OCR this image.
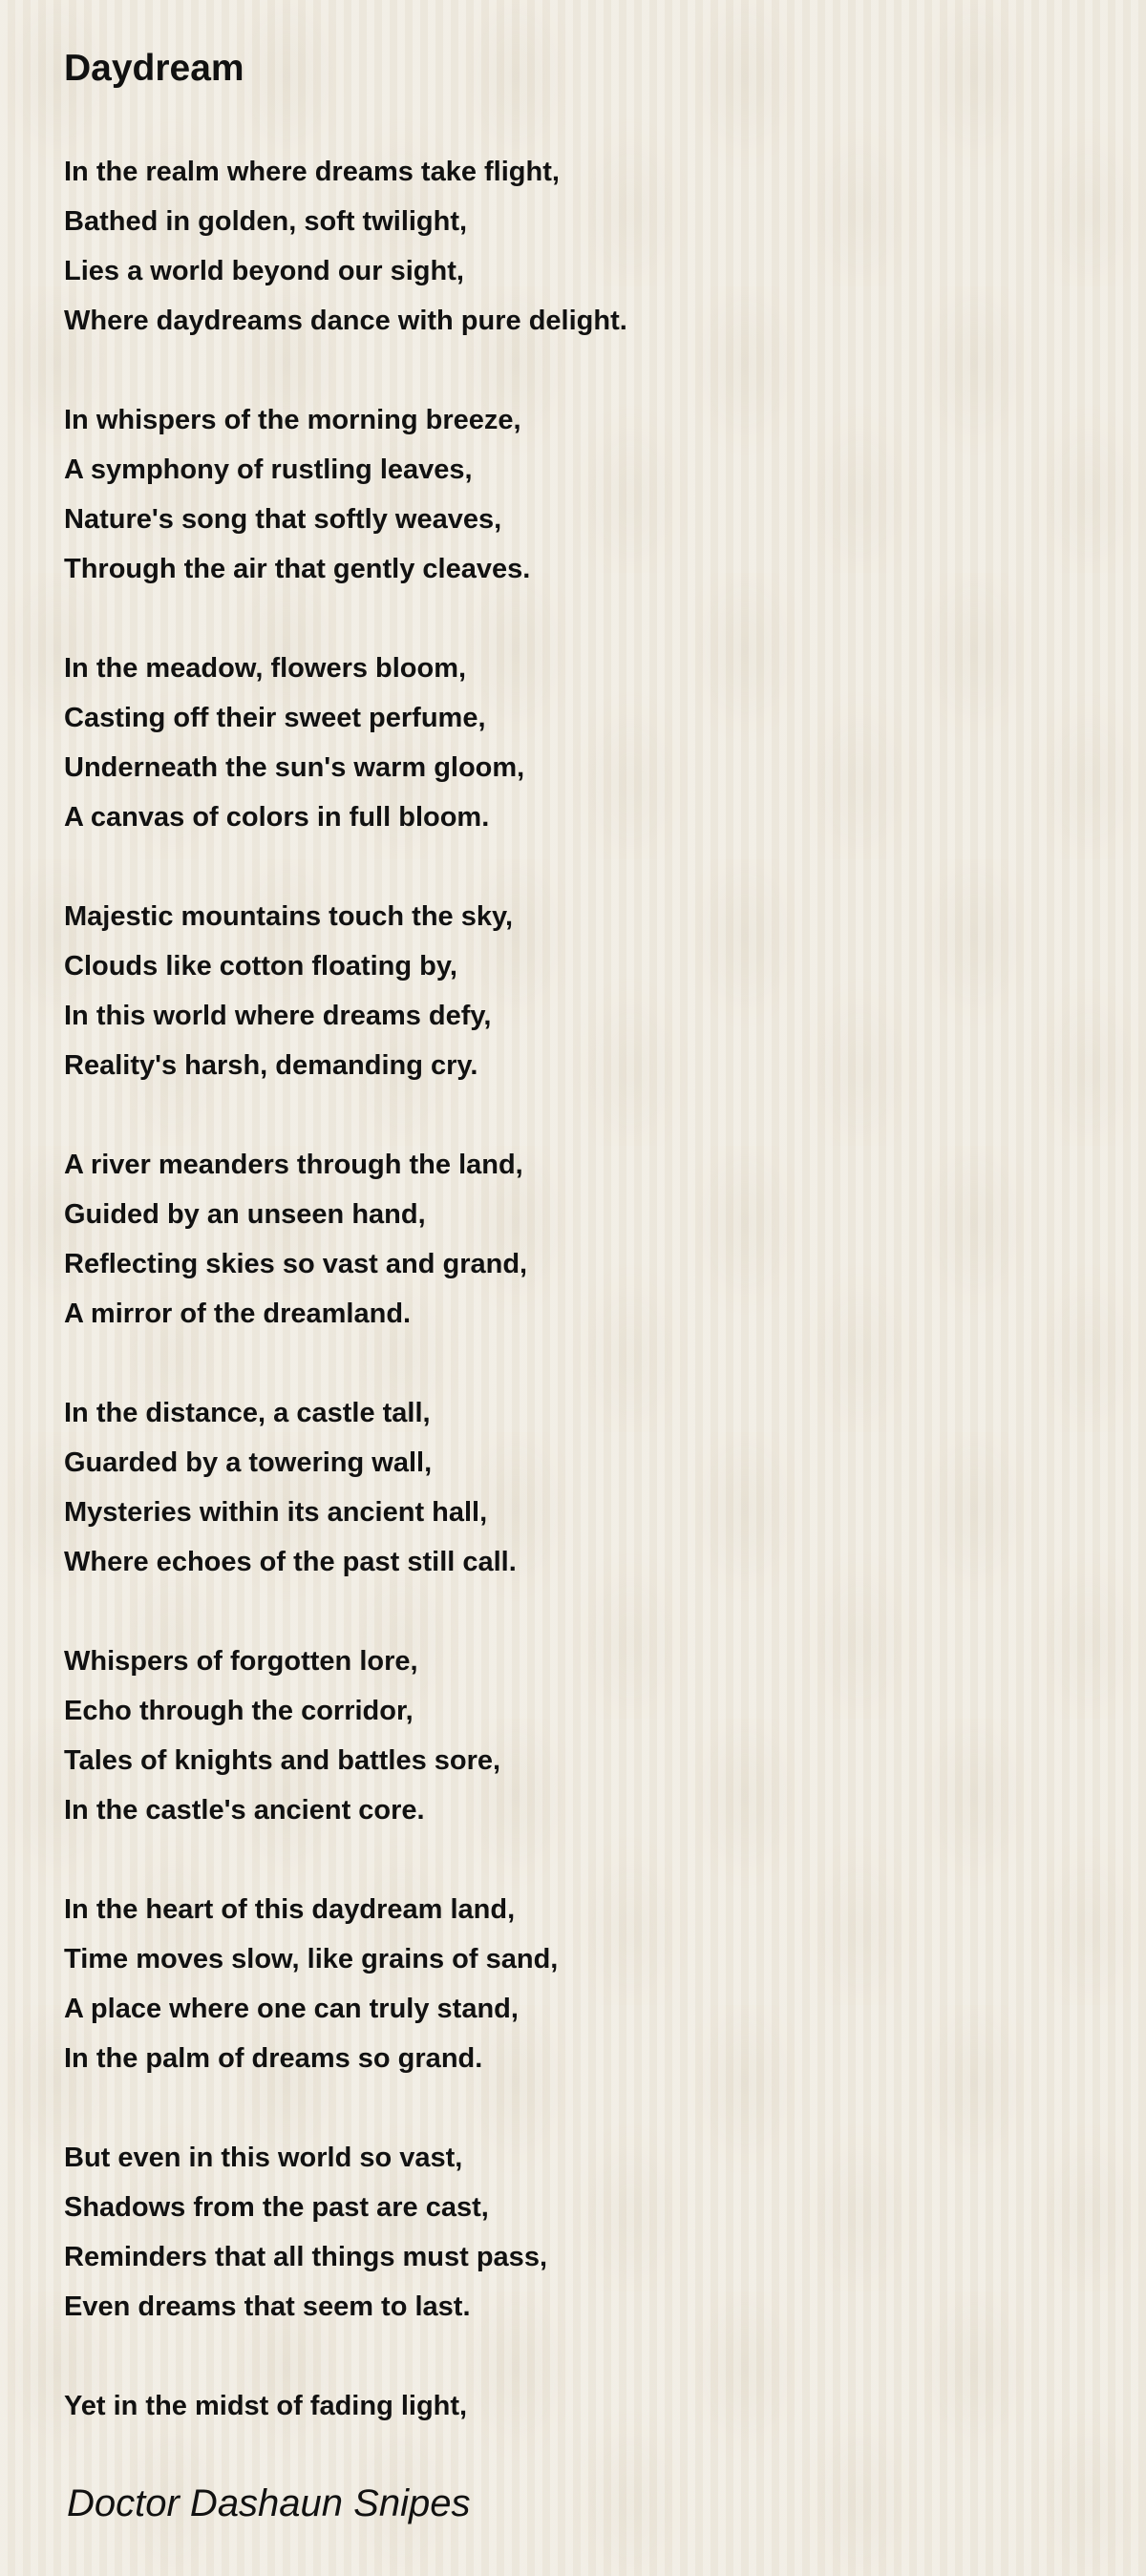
Daydream
In the realm where dreams take flight,
Bathed in golden, soft twilight,
Lies a world beyond our sight,
Where daydreams dance with pure delight.
In whispers of the morning breeze,
A symphony of rustling leaves,
Nature's song that softly weaves,
Through the air that gently cleaves.
In the meadow, flowers bloom,
Casting off their sweet perfume,
Underneath the sun's warm gloom,
A canvas of colors in full bloom.
Majestic mountains touch the sky,
Clouds like cotton floating by,
In this world where dreams defy,
Reality's harsh, demanding cry.
A river meanders through the land,
Guided by an unseen hand,
Reflecting skies so vast and grand,
A mirror of the dreamland.
In the distance, a castle tall,
Guarded by a towering wall,
Mysteries within its ancient hall,
Where echoes of the past still call.
Whispers of forgotten lore,
Echo through the corridor,
Tales of knights and battles sore,
In the castle's ancient core.
In the heart of this daydream land,
Time moves slow, like grains of sand,
A place where one can truly stand,
In the palm of dreams so grand.
But even in this world so vast,
Shadows from the past are cast,
Reminders that all things must pass,
Even dreams that seem to last.
Yet in the midst of fading light,
Doctor Dashaun Snipes
